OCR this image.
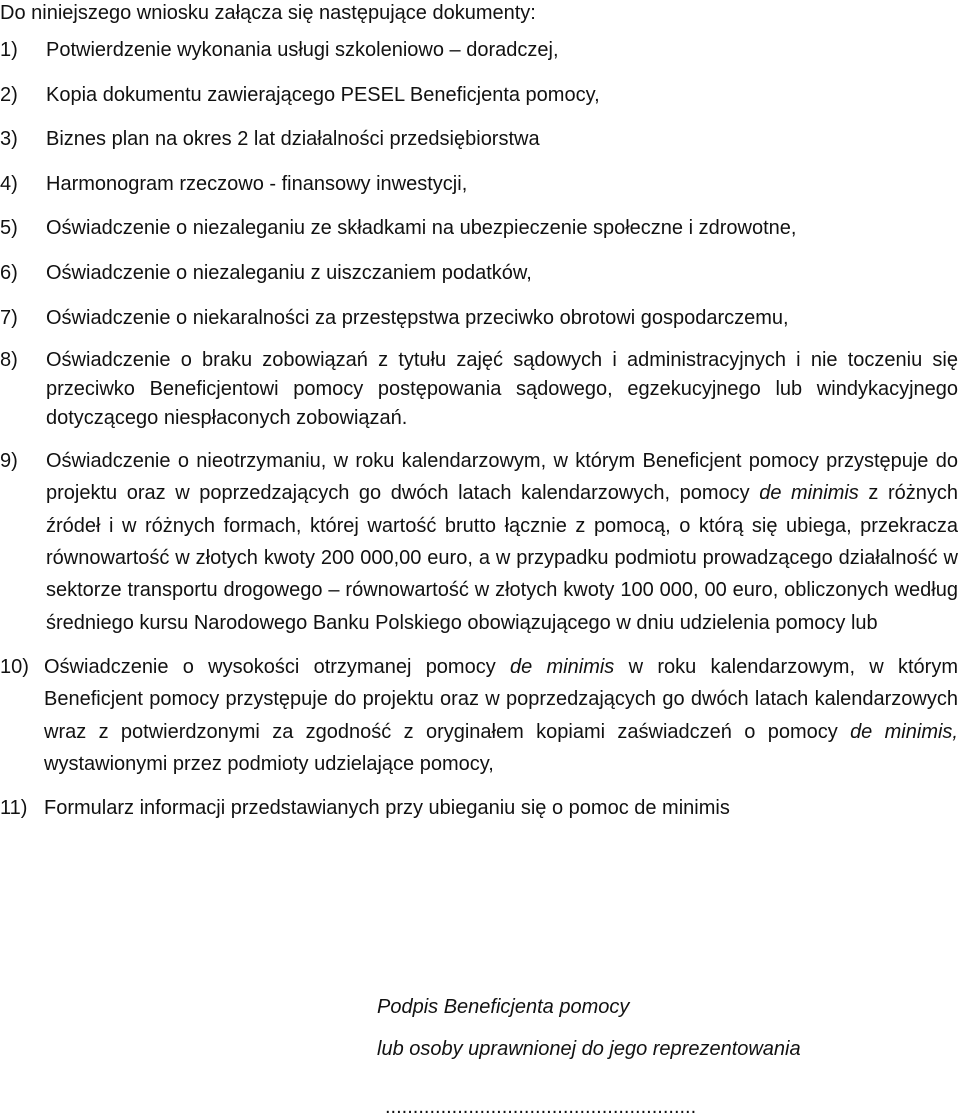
Do niniejszego wniosku załącza się następujące dokumenty:
1)	Potwierdzenie wykonania usługi szkoleniowo – doradczej,
2)	Kopia dokumentu zawierającego PESEL Beneficjenta pomocy,
3)	Biznes plan na okres 2 lat działalności przedsiębiorstwa
4)	Harmonogram rzeczowo - finansowy inwestycji,
5)	Oświadczenie o niezaleganiu ze składkami na ubezpieczenie społeczne i zdrowotne,
6)	Oświadczenie o niezaleganiu z uiszczaniem podatków,
7)	Oświadczenie o niekaralności za przestępstwa przeciwko obrotowi gospodarczemu,
8)	Oświadczenie o braku zobowiązań z tytułu zajęć sądowych i administracyjnych i nie toczeniu się przeciwko Beneficjentowi pomocy postępowania sądowego, egzekucyjnego lub windykacyjnego dotyczącego niespłaconych zobowiązań.
9)	Oświadczenie o nieotrzymaniu, w roku kalendarzowym, w którym Beneficjent pomocy przystępuje do projektu oraz w poprzedzających go dwóch latach kalendarzowych, pomocy de minimis z różnych źródeł i w różnych formach, której wartość brutto łącznie z pomocą, o którą się ubiega, przekracza równowartość w złotych kwoty 200 000,00 euro, a w przypadku podmiotu prowadzącego działalność w sektorze transportu drogowego – równowartość w złotych kwoty 100 000, 00 euro, obliczonych według średniego kursu Narodowego Banku Polskiego obowiązującego w dniu udzielenia pomocy lub
10) Oświadczenie o wysokości otrzymanej pomocy de minimis w roku kalendarzowym, w którym Beneficjent pomocy przystępuje do projektu oraz w poprzedzających go dwóch latach kalendarzowych wraz z potwierdzonymi za zgodność z oryginałem kopiami zaświadczeń o pomocy de minimis, wystawionymi przez podmioty udzielające pomocy,
11) Formularz informacji przedstawianych przy ubieganiu się o pomoc de minimis
Podpis Beneficjenta pomocy
lub osoby uprawnionej do jego reprezentowania
........................................................
